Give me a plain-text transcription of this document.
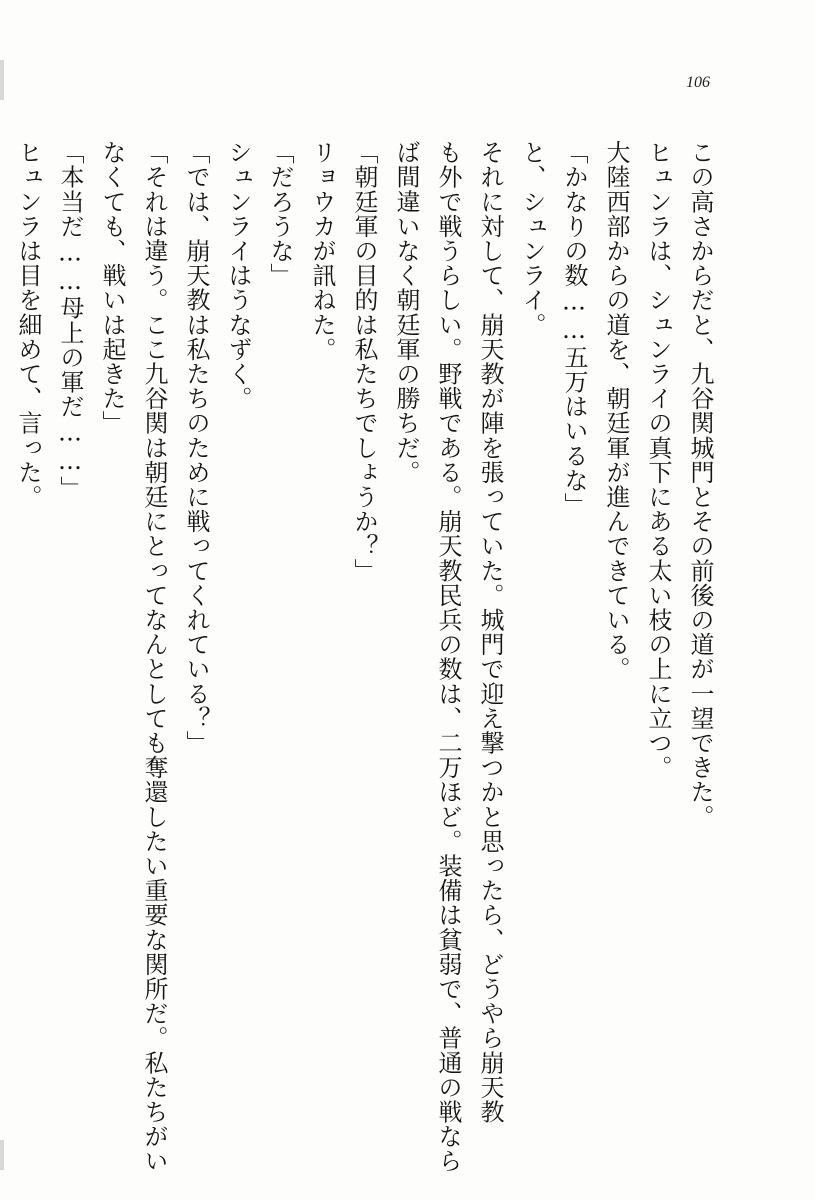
106
この高さからだと、九谷関城門とその前後の道が一望できた。
ヒュンラは、シュンライの真下にある太い枝の上に立つ。
大陸西部からの道を、朝廷軍が進んできている。
「かなりの数……五万はいるな」
と、シュンライ。
それに対して、崩天教が陣を張っていた。城門で迎え撃つかと思ったら、どうやら崩天教
も外で戦うらしい。野戦である。崩天教民兵の数は、二万ほど。装備は貧弱で、普通の戦なら
ば間違いなく朝廷軍の勝ちだ。
「朝廷軍の目的は私たちでしょうか？」
リョウカが訊ねた。
「だろうな」
シュンライはうなずく。
「では、崩天教は私たちのために戦ってくれている？」
「それは違う。ここ九谷関は朝廷にとってなんとしても奪還したい重要な関所だ。私たちがい
なくても、戦いは起きた」
「本当だ……母上の軍だ……」
ヒュンラは目を細めて、言った。
